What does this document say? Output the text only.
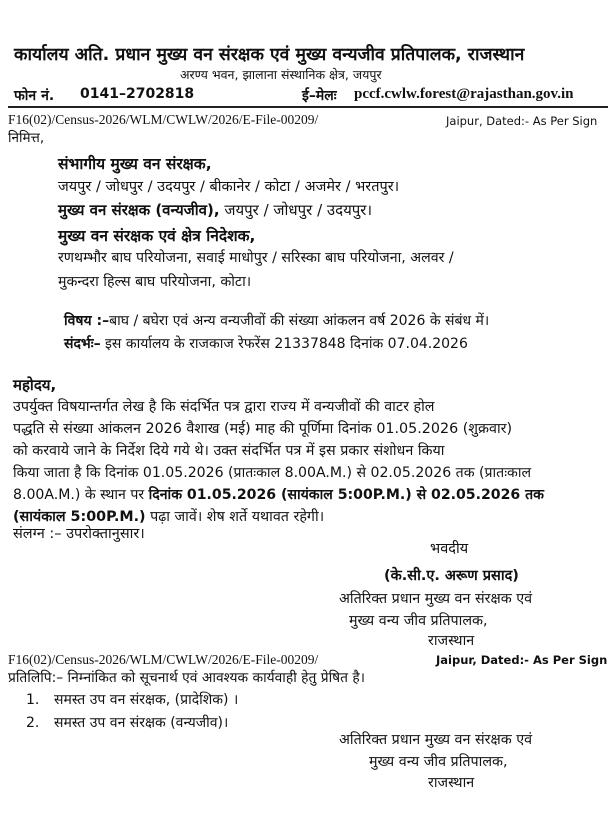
कार्यालय अति. प्रधान मुख्य वन संरक्षक एवं मुख्य वन्यजीव प्रतिपालक, राजस्थान
अरण्य भवन, झालाना संस्थानिक क्षेत्र, जयपुर
फोन नं. 0141–2702818	ई–मेलः pccf.cwlw.forest@rajasthan.gov.in
F16(02)/Census-2026/WLM/CWLW/2026/E-File-00209/	Jaipur, Dated:- As Per Sign
निमित्त,
संभागीय मुख्य वन संरक्षक,
जयपुर / जोधपुर / उदयपुर / बीकानेर / कोटा / अजमेर / भरतपुर।
मुख्य वन संरक्षक (वन्यजीव), जयपुर / जोधपुर / उदयपुर।
मुख्य वन संरक्षक एवं क्षेत्र निदेशक,
रणथम्भौर बाघ परियोजना, सवाई माधोपुर / सरिस्का बाघ परियोजना, अलवर /
मुकन्दरा हिल्स बाघ परियोजना, कोटा।
विषय :–बाघ / बघेरा एवं अन्य वन्यजीवों की संख्या आंकलन वर्ष 2026 के संबंध में।
संदर्भः– इस कार्यालय के राजकाज रेफरेंस 21337848 दिनांक 07.04.2026
महोदय,
उपर्युक्त विषयान्तर्गत लेख है कि संदर्भित पत्र द्वारा राज्य में वन्यजीवों की वाटर होल
पद्धति से संख्या आंकलन 2026 वैशाख (मई) माह की पूर्णिमा दिनांक 01.05.2026 (शुक्रवार)
को करवाये जाने के निर्देश दिये गये थे। उक्त संदर्भित पत्र में इस प्रकार संशोधन किया
किया जाता है कि दिनांक 01.05.2026 (प्रातःकाल 8.00A.M.) से 02.05.2026 तक (प्रातःकाल
8.00A.M.) के स्थान पर दिनांक 01.05.2026 (सायंकाल 5:00P.M.) से 02.05.2026 तक
(सायंकाल 5:00P.M.) पढ़ा जावें। शेष शर्ते यथावत रहेगी।
संलग्न :– उपरोक्तानुसार।
भवदीय
(के.सी.ए. अरूण प्रसाद)
अतिरिक्त प्रधान मुख्य वन संरक्षक एवं
मुख्य वन्य जीव प्रतिपालक,
राजस्थान
F16(02)/Census-2026/WLM/CWLW/2026/E-File-00209/	Jaipur, Dated:- As Per Sign
प्रतिलिपि:– निम्नांकित को सूचनार्थ एवं आवश्यक कार्यवाही हेतु प्रेषित है।
1. समस्त उप वन संरक्षक, (प्रादेशिक) ।
2. समस्त उप वन संरक्षक (वन्यजीव)।
अतिरिक्त प्रधान मुख्य वन संरक्षक एवं
मुख्य वन्य जीव प्रतिपालक,
राजस्थान
